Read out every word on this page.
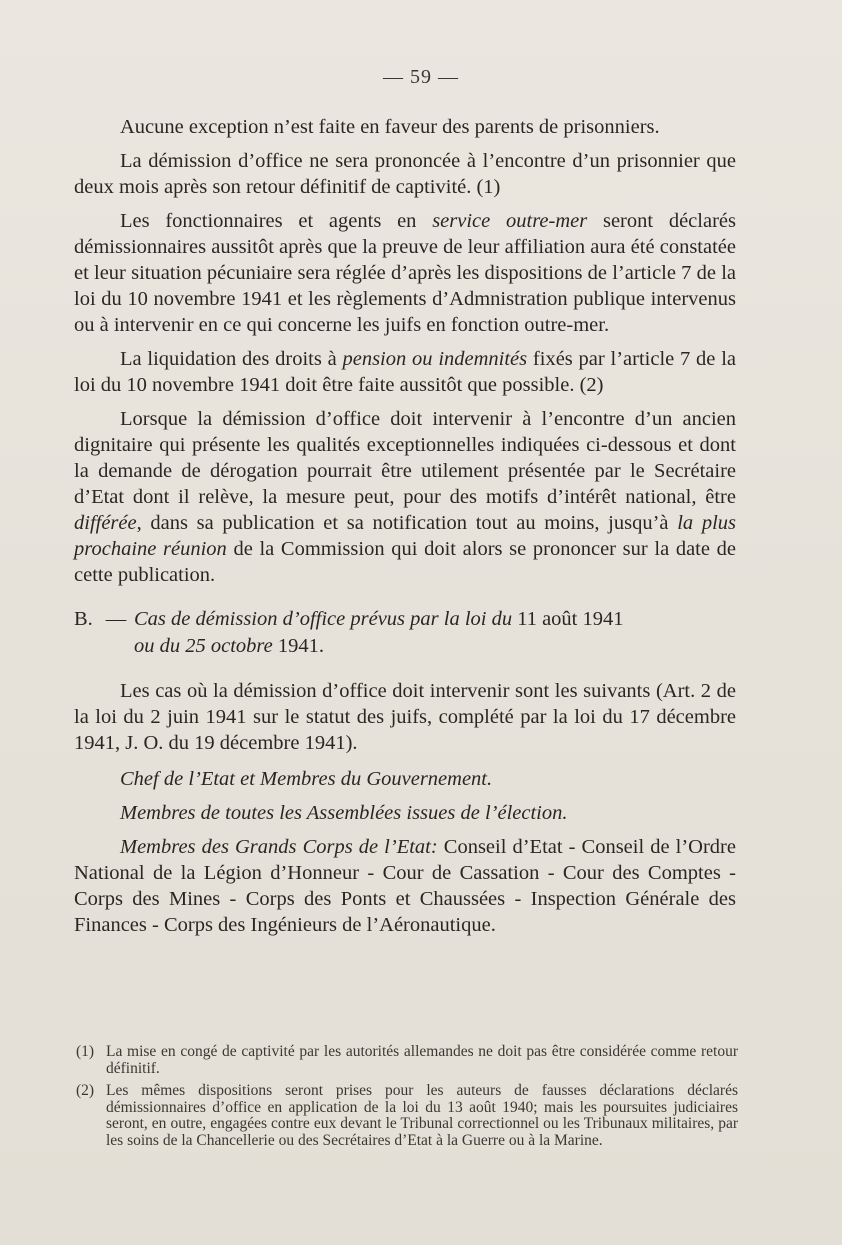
— 59 —

Aucune exception n’est faite en faveur des parents de prisonniers.

La démission d’office ne sera prononcée à l’encontre d’un prisonnier que deux mois après son retour définitif de captivité. (1)

Les fonctionnaires et agents en service outre-mer seront déclarés démissionnaires aussitôt après que la preuve de leur affiliation aura été constatée et leur situation pécuniaire sera réglée d’après les dispositions de l’article 7 de la loi du 10 novembre 1941 et les règlements d’Admnistration publique intervenus ou à intervenir en ce qui concerne les juifs en fonction outre-mer.

La liquidation des droits à pension ou indemnités fixés par l’article 7 de la loi du 10 novembre 1941 doit être faite aussitôt que possible. (2)

Lorsque la démission d’office doit intervenir à l’encontre d’un ancien dignitaire qui présente les qualités exceptionnelles indiquées ci-dessous et dont la demande de dérogation pourrait être utilement présentée par le Secrétaire d’Etat dont il relève, la mesure peut, pour des motifs d’intérêt national, être différée, dans sa publication et sa notification tout au moins, jusqu’à la plus prochaine réunion de la Commission qui doit alors se prononcer sur la date de cette publication.

B. — Cas de démission d’office prévus par la loi du 11 août 1941
ou du 25 octobre 1941.

Les cas où la démission d’office doit intervenir sont les suivants (Art. 2 de la loi du 2 juin 1941 sur le statut des juifs, complété par la loi du 17 décembre 1941, J. O. du 19 décembre 1941).

Chef de l’Etat et Membres du Gouvernement.

Membres de toutes les Assemblées issues de l’élection.

Membres des Grands Corps de l’Etat: Conseil d’Etat - Conseil de l’Ordre National de la Légion d’Honneur - Cour de Cassation - Cour des Comptes - Corps des Mines - Corps des Ponts et Chaussées - Inspection Générale des Finances - Corps des Ingénieurs de l’Aéronautique.

(1) La mise en congé de captivité par les autorités allemandes ne doit pas être considérée comme retour définitif.
(2) Les mêmes dispositions seront prises pour les auteurs de fausses déclarations déclarés démissionnaires d’office en application de la loi du 13 août 1940; mais les poursuites judiciaires seront, en outre, engagées contre eux devant le Tribunal correctionnel ou les Tribunaux militaires, par les soins de la Chancellerie ou des Secrétaires d’Etat à la Guerre ou à la Marine.
